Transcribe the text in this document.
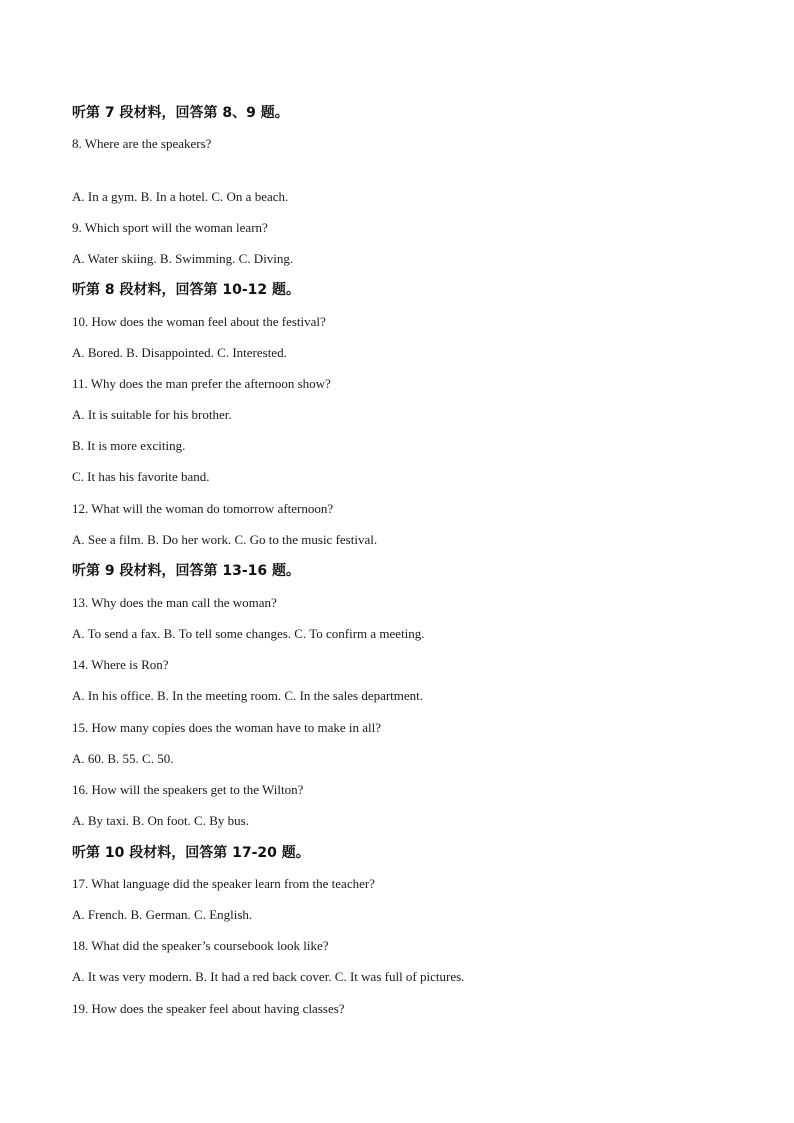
听第 7 段材料，回答第 8、9 题。
8. Where are the speakers?
A. In a gym. B. In a hotel. C. On a beach.
9. Which sport will the woman learn?
A. Water skiing. B. Swimming. C. Diving.
听第 8 段材料，回答第 10-12 题。
10. How does the woman feel about the festival?
A. Bored. B. Disappointed. C. Interested.
11. Why does the man prefer the afternoon show?
A. It is suitable for his brother.
B. It is more exciting.
C. It has his favorite band.
12. What will the woman do tomorrow afternoon?
A. See a film. B. Do her work. C. Go to the music festival.
听第 9 段材料，回答第 13-16 题。
13. Why does the man call the woman?
A. To send a fax. B. To tell some changes. C. To confirm a meeting.
14. Where is Ron?
A. In his office. B. In the meeting room. C. In the sales department.
15. How many copies does the woman have to make in all?
A. 60. B. 55. C. 50.
16. How will the speakers get to the Wilton?
A. By taxi. B. On foot. C. By bus.
听第 10 段材料，回答第 17-20 题。
17. What language did the speaker learn from the teacher?
A. French. B. German. C. English.
18. What did the speaker’s coursebook look like?
A. It was very modern. B. It had a red back cover. C. It was full of pictures.
19. How does the speaker feel about having classes?
